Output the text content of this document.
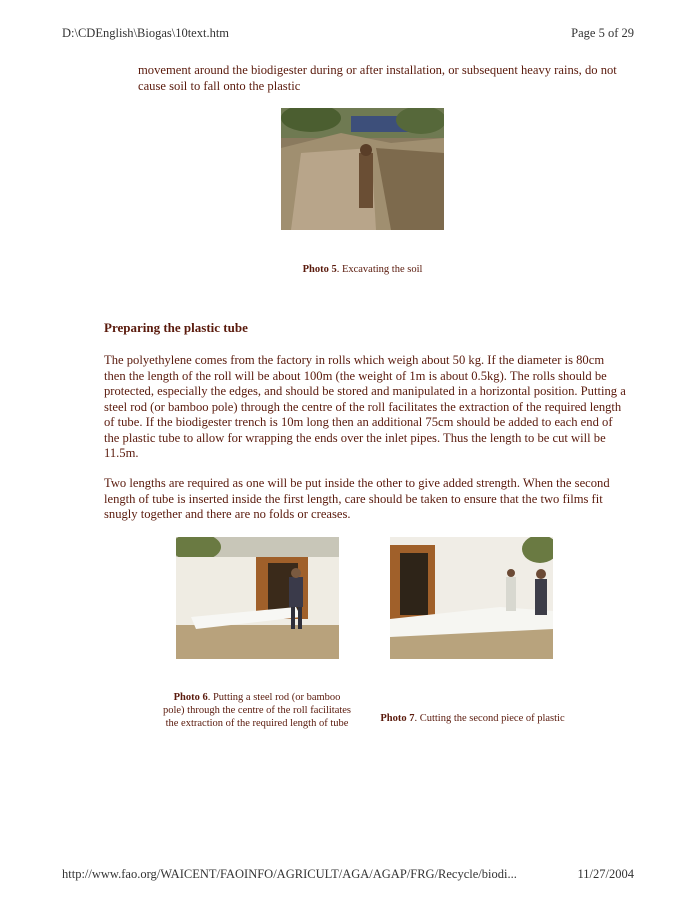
D:\CDEnglish\Biogas\10text.htm	Page 5 of 29
movement around the biodigester during or after installation, or subsequent heavy rains, do not cause soil to fall onto the plastic
Photo 5. Excavating the soil
Preparing the plastic tube
The polyethylene comes from the factory in rolls which weigh about 50 kg. If the diameter is 80cm then the length of the roll will be about 100m (the weight of 1m is about 0.5kg). The rolls should be protected, especially the edges, and should be stored and manipulated in a horizontal position. Putting a steel rod (or bamboo pole) through the centre of the roll facilitates the extraction of the required length of tube. If the biodigester trench is 10m long then an additional 75cm should be added to each end of the plastic tube to allow for wrapping the ends over the inlet pipes. Thus the length to be cut will be 11.5m.
Two lengths are required as one will be put inside the other to give added strength. When the second length of tube is inserted inside the first length, care should be taken to ensure that the two films fit snugly together and there are no folds or creases.
Photo 6. Putting a steel rod (or bamboo pole) through the centre of the roll facilitates the extraction of the required length of tube	Photo 7. Cutting the second piece of plastic
http://www.fao.org/WAICENT/FAOINFO/AGRICULT/AGA/AGAP/FRG/Recycle/biodi...	11/27/2004
